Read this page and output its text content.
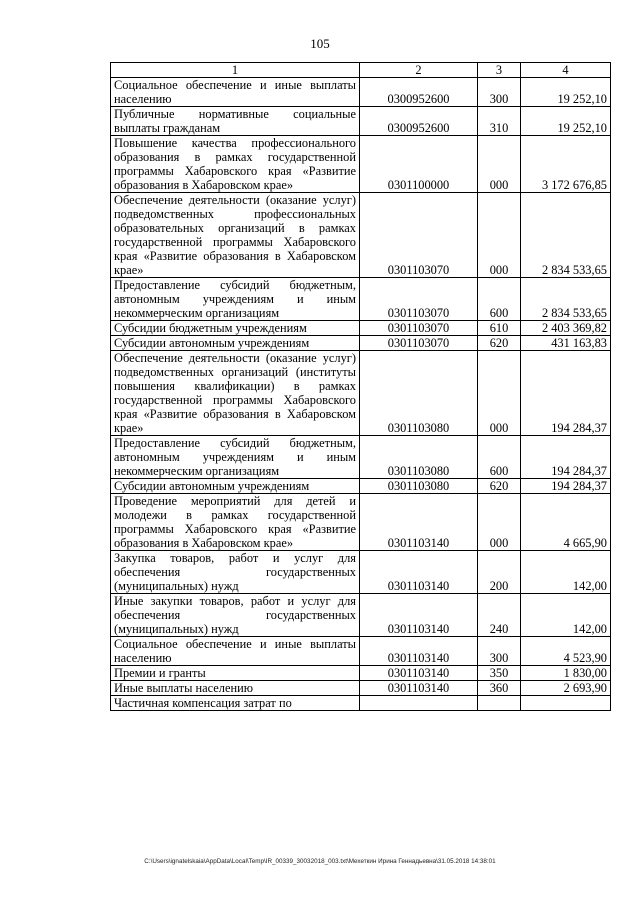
105
1	2	3	4
Социальное обеспечение и иные выплаты населению	0300952600	300	19 252,10
Публичные нормативные социальные выплаты гражданам	0300952600	310	19 252,10
Повышение качества профессионального образования в рамках государственной программы Хабаровского края «Развитие образования в Хабаровском крае»	0301100000	000	3 172 676,85
Обеспечение деятельности (оказание услуг) подведомственных профессиональных образовательных организаций в рамках государственной программы Хабаровского края «Развитие образования в Хабаровском крае»	0301103070	000	2 834 533,65
Предоставление субсидий бюджетным, автономным учреждениям и иным некоммерческим организациям	0301103070	600	2 834 533,65
Субсидии бюджетным учреждениям	0301103070	610	2 403 369,82
Субсидии автономным учреждениям	0301103070	620	431 163,83
Обеспечение деятельности (оказание услуг) подведомственных организаций (институты повышения квалификации) в рамках государственной программы Хабаровского края «Развитие образования в Хабаровском крае»	0301103080	000	194 284,37
Предоставление субсидий бюджетным, автономным учреждениям и иным некоммерческим организациям	0301103080	600	194 284,37
Субсидии автономным учреждениям	0301103080	620	194 284,37
Проведение мероприятий для детей и молодежи в рамках государственной программы Хабаровского края «Развитие образования в Хабаровском крае»	0301103140	000	4 665,90
Закупка товаров, работ и услуг для обеспечения государственных (муниципальных) нужд	0301103140	200	142,00
Иные закупки товаров, работ и услуг для обеспечения государственных (муниципальных) нужд	0301103140	240	142,00
Социальное обеспечение и иные выплаты населению	0301103140	300	4 523,90
Премии и гранты	0301103140	350	1 830,00
Иные выплаты населению	0301103140	360	2 693,90
Частичная компенсация затрат по			
C:\Users\ignatelskaia\AppData\Local\Temp\IR_00339_30032018_003.txt\Мехеткин Ирина Геннадьевна\31.05.2018 14:38:01
